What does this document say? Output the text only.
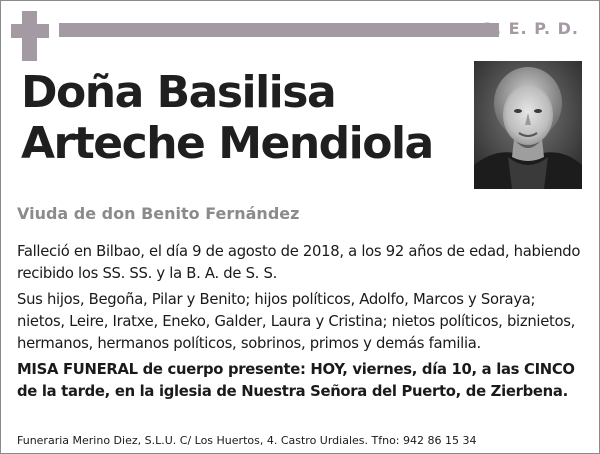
Q. E. P. D.
Doña Basilisa
Arteche Mendiola
Viuda de don Benito Fernández

Falleció en Bilbao, el día 9 de agosto de 2018, a los 92 años de edad, habiendo recibido los SS. SS. y la B. A. de S. S.

Sus hijos, Begoña, Pilar y Benito; hijos políticos, Adolfo, Marcos y Soraya; nietos, Leire, Iratxe, Eneko, Galder, Laura y Cristina; nietos políticos, biznietos, hermanos, hermanos políticos, sobrinos, primos y demás familia.

MISA FUNERAL de cuerpo presente: HOY, viernes, día 10, a las CINCO de la tarde, en la iglesia de Nuestra Señora del Puerto, de Zierbena.

Funeraria Merino Diez, S.L.U. C/ Los Huertos, 4. Castro Urdiales. Tfno: 942 86 15 34
